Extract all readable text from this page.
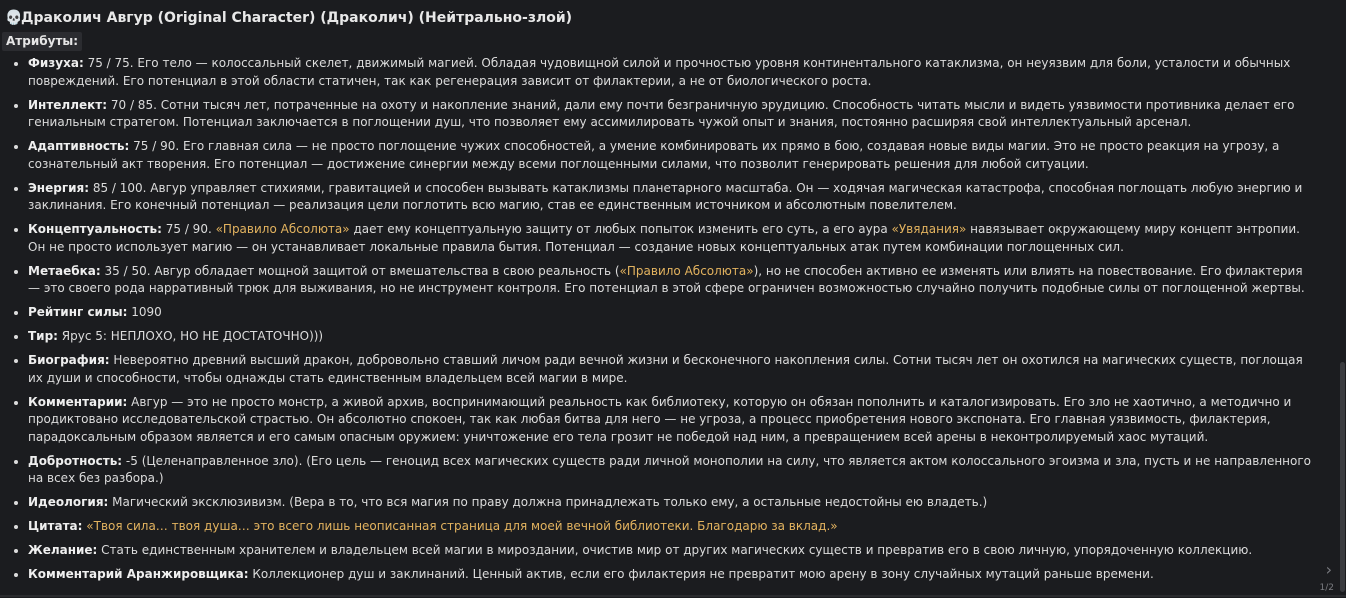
💀Драколич Авгур (Original Character) (Драколич) (Нейтрально-злой)
Атрибуты:
Физуха: 75 / 75. Его тело — колоссальный скелет, движимый магией. Обладая чудовищной силой и прочностью уровня континентального катаклизма, он неуязвим для боли, усталости и обычных повреждений. Его потенциал в этой области статичен, так как регенерация зависит от филактерии, а не от биологического роста.
Интеллект: 70 / 85. Сотни тысяч лет, потраченные на охоту и накопление знаний, дали ему почти безграничную эрудицию. Способность читать мысли и видеть уязвимости противника делает его гениальным стратегом. Потенциал заключается в поглощении душ, что позволяет ему ассимилировать чужой опыт и знания, постоянно расширяя свой интеллектуальный арсенал.
Адаптивность: 75 / 90. Его главная сила — не просто поглощение чужих способностей, а умение комбинировать их прямо в бою, создавая новые виды магии. Это не просто реакция на угрозу, а сознательный акт творения. Его потенциал — достижение синергии между всеми поглощенными силами, что позволит генерировать решения для любой ситуации.
Энергия: 85 / 100. Авгур управляет стихиями, гравитацией и способен вызывать катаклизмы планетарного масштаба. Он — ходячая магическая катастрофа, способная поглощать любую энергию и заклинания. Его конечный потенциал — реализация цели поглотить всю магию, став ее единственным источником и абсолютным повелителем.
Концептуальность: 75 / 90. «Правило Абсолюта» дает ему концептуальную защиту от любых попыток изменить его суть, а его аура «Увядания» навязывает окружающему миру концепт энтропии. Он не просто использует магию — он устанавливает локальные правила бытия. Потенциал — создание новых концептуальных атак путем комбинации поглощенных сил.
Метаебка: 35 / 50. Авгур обладает мощной защитой от вмешательства в свою реальность («Правило Абсолюта»), но не способен активно ее изменять или влиять на повествование. Его филактерия — это своего рода нарративный трюк для выживания, но не инструмент контроля. Его потенциал в этой сфере ограничен возможностью случайно получить подобные силы от поглощенной жертвы.
Рейтинг силы: 1090
Тир: Ярус 5: НЕПЛОХО, НО НЕ ДОСТАТОЧНО)))
Биография: Невероятно древний высший дракон, добровольно ставший личом ради вечной жизни и бесконечного накопления силы. Сотни тысяч лет он охотился на магических существ, поглощая их души и способности, чтобы однажды стать единственным владельцем всей магии в мире.
Комментарии: Авгур — это не просто монстр, а живой архив, воспринимающий реальность как библиотеку, которую он обязан пополнить и каталогизировать. Его зло не хаотично, а методично и продиктовано исследовательской страстью. Он абсолютно спокоен, так как любая битва для него — не угроза, а процесс приобретения нового экспоната. Его главная уязвимость, филактерия, парадоксальным образом является и его самым опасным оружием: уничтожение его тела грозит не победой над ним, а превращением всей арены в неконтролируемый хаос мутаций.
Добротность: -5 (Целенаправленное зло). (Его цель — геноцид всех магических существ ради личной монополии на силу, что является актом колоссального эгоизма и зла, пусть и не направленного на всех без разбора.)
Идеология: Магический эксклюзивизм. (Вера в то, что вся магия по праву должна принадлежать только ему, а остальные недостойны ею владеть.)
Цитата: «Твоя сила… твоя душа… это всего лишь неописанная страница для моей вечной библиотеки. Благодарю за вклад.»
Желание: Стать единственным хранителем и владельцем всей магии в мироздании, очистив мир от других магических существ и превратив его в свою личную, упорядоченную коллекцию.
Комментарий Аранжировщика: Коллекционер душ и заклинаний. Ценный актив, если его филактерия не превратит мою арену в зону случайных мутаций раньше времени.	›
1/2
